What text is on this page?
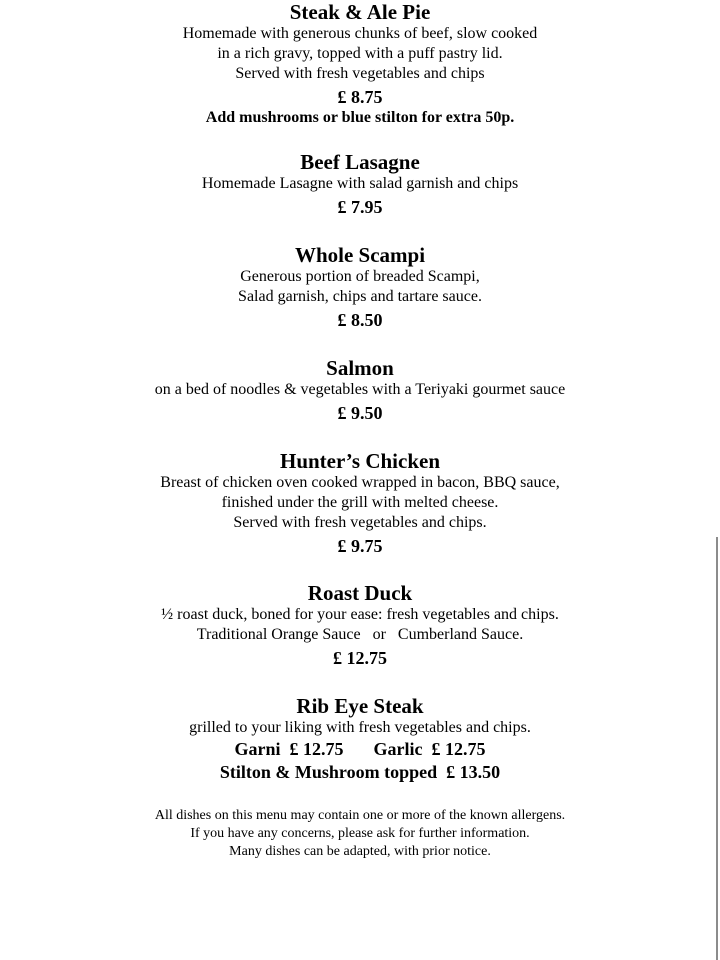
Steak & Ale Pie
Homemade with generous chunks of beef, slow cooked
in a rich gravy, topped with a puff pastry lid.
Served with fresh vegetables and chips
£ 8.75
Add mushrooms or blue stilton for extra 50p.
Beef Lasagne
Homemade Lasagne with salad garnish and chips
£ 7.95
Whole Scampi
Generous portion of breaded Scampi,
Salad garnish, chips and tartare sauce.
£ 8.50
Salmon
on a bed of noodles & vegetables with a Teriyaki gourmet sauce
£ 9.50
Hunter’s Chicken
Breast of chicken oven cooked wrapped in bacon, BBQ sauce,
finished under the grill with melted cheese.
Served with fresh vegetables and chips.
£ 9.75
Roast Duck
½ roast duck, boned for your ease: fresh vegetables and chips.
Traditional Orange Sauce   or   Cumberland Sauce.
£ 12.75
Rib Eye Steak
grilled to your liking with fresh vegetables and chips.
Garni  £ 12.75 Garlic  £ 12.75
Stilton & Mushroom topped  £ 13.50
All dishes on this menu may contain one or more of the known allergens.
If you have any concerns, please ask for further information.
Many dishes can be adapted, with prior notice.
